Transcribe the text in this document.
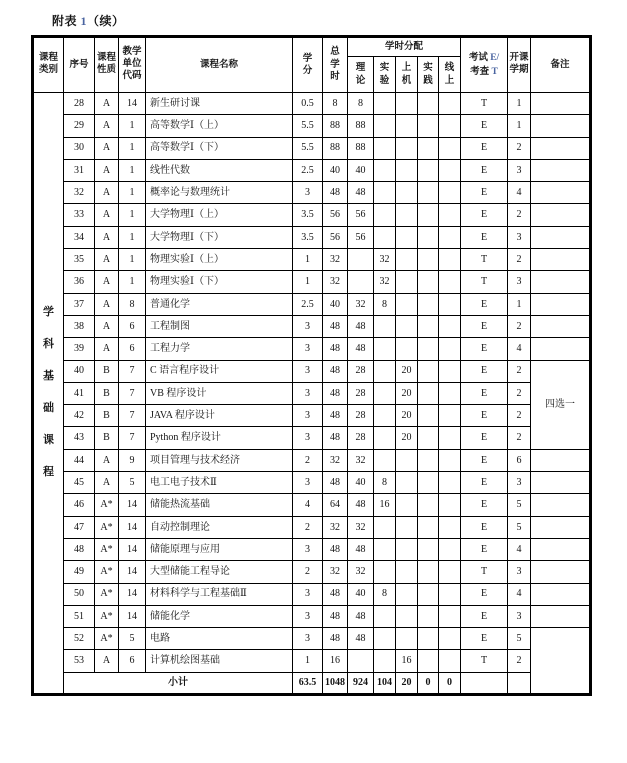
附表 1（续）
课程类别	序号	课程性质	教学单位代码	课程名称	学分	总学时	学时分配					考试 E/
考查 T	开课学期	备注

							理论	实验	上机	实践	线上			

学科基础课程	28	A	14	新生研讨课	0.5	8	8					T	1	
	29	A	1	高等数学Ⅰ（上）	5.5	88	88					E	1	
	30	A	1	高等数学Ⅰ（下）	5.5	88	88					E	2	
	31	A	1	线性代数	2.5	40	40					E	3	
	32	A	1	概率论与数理统计	3	48	48					E	4	
	33	A	1	大学物理Ⅰ（上）	3.5	56	56					E	2	
	34	A	1	大学物理Ⅰ（下）	3.5	56	56					E	3	
	35	A	1	物理实验Ⅰ（上）	1	32		32				T	2	
	36	A	1	物理实验Ⅰ（下）	1	32		32				T	3	
	37	A	8	普通化学	2.5	40	32	8				E	1	
	38	A	6	工程制图	3	48	48					E	2	
	39	A	6	工程力学	3	48	48					E	4	
	40	B	7	C 语言程序设计	3	48	28		20			E	2	四选一
	41	B	7	VB 程序设计	3	48	28		20			E	2	
	42	B	7	JAVA 程序设计	3	48	28		20			E	2	
	43	B	7	Python 程序设计	3	48	28		20			E	2	
	44	A	9	项目管理与技术经济	2	32	32					E	6	
	45	A	5	电工电子技术Ⅱ	3	48	40	8				E	3	
	46	A*	14	储能热流基础	4	64	48	16				E	5	
	47	A*	14	自动控制理论	2	32	32					E	5	
	48	A*	14	储能原理与应用	3	48	48					E	4	
	49	A*	14	大型储能工程导论	2	32	32					T	3	
	50	A*	14	材料科学与工程基础Ⅱ	3	48	40	8				E	4	
	51	A*	14	储能化学	3	48	48					E	3	
	52	A*	5	电路	3	48	48					E	5	
	53	A	6	计算机绘图基础	1	16			16			T	2	
	小计				63.5	1048	924	104	20	0	0			
